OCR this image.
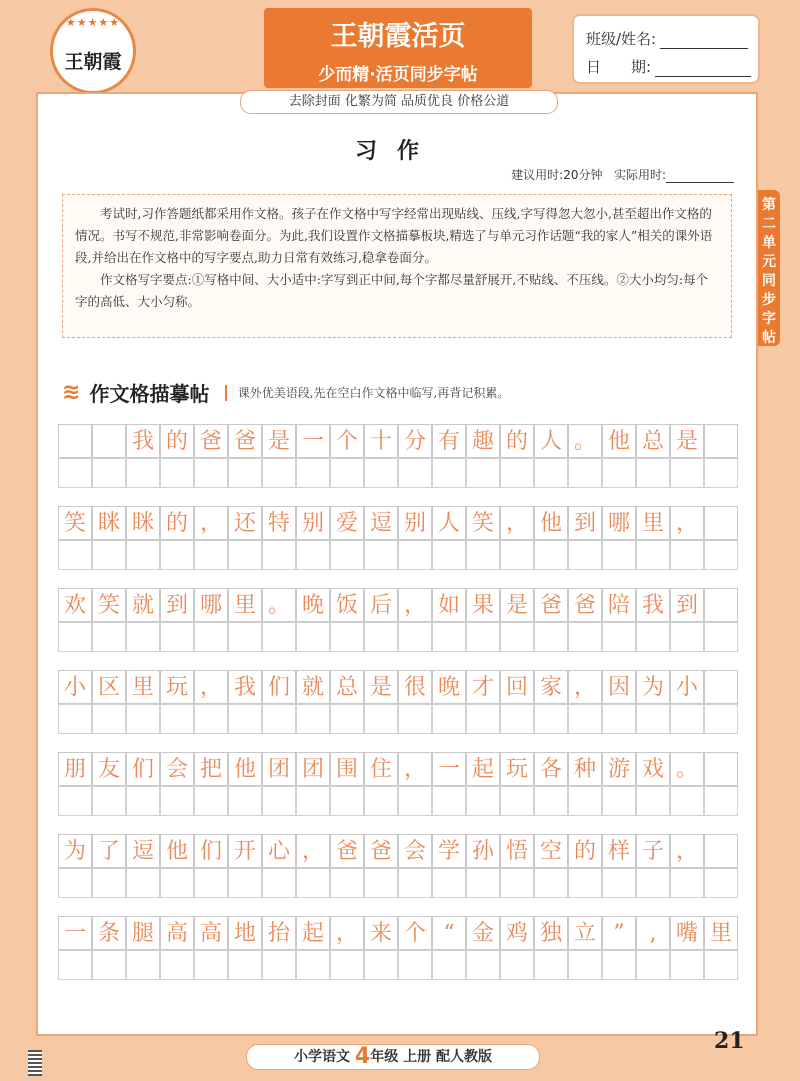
★★★★★
王朝霞
王朝霞活页
少而精·活页同步字帖
班级/姓名:
日　　期:
习作
建议用时:20分钟 实际用时:

考试时,习作答题纸都采用作文格。孩子在作文格中写字经常出现贴线、压线,字写得忽大忽小,甚至超出作文格的情况。书写不规范,非常影响卷面分。为此,我们设置作文格描摹板块,精选了与单元习作话题“我的家人”相关的课外语段,并给出在作文格中的写字要点,助力日常有效练习,稳拿卷面分。

作文格写字要点:①写格中间、大小适中:字写到正中间,每个字都尽量舒展开,不贴线、不压线。②大小均匀:每个字的高低、大小匀称。

≋ 作文格描摹帖 课外优美语段,先在空白作文格中临写,再背记积累。
我 的 爸 爸 是 一 个 十 分 有 趣 的 人 。 他 总 是
笑 眯 眯 的 ， 还 特 别 爱 逗 别 人 笑 ， 他 到 哪 里 ，
欢 笑 就 到 哪 里 。 晚 饭 后 ， 如 果 是 爸 爸 陪 我 到
小 区 里 玩 ， 我 们 就 总 是 很 晚 才 回 家 ， 因 为 小
朋 友 们 会 把 他 团 团 围 住 ， 一 起 玩 各 种 游 戏 。
为 了 逗 他 们 开 心 ， 爸 爸 会 学 孙 悟 空 的 样 子 ，
一 条 腿 高 高 地 抬 起 ， 来 个 “ 金 鸡 独 立 ”	, 嘴 里
去除封面 化繁为简 品质优良 价格公道
第
二
单
元
同
步
字
帖
小学语文 4年级 上册 配人教版
21
